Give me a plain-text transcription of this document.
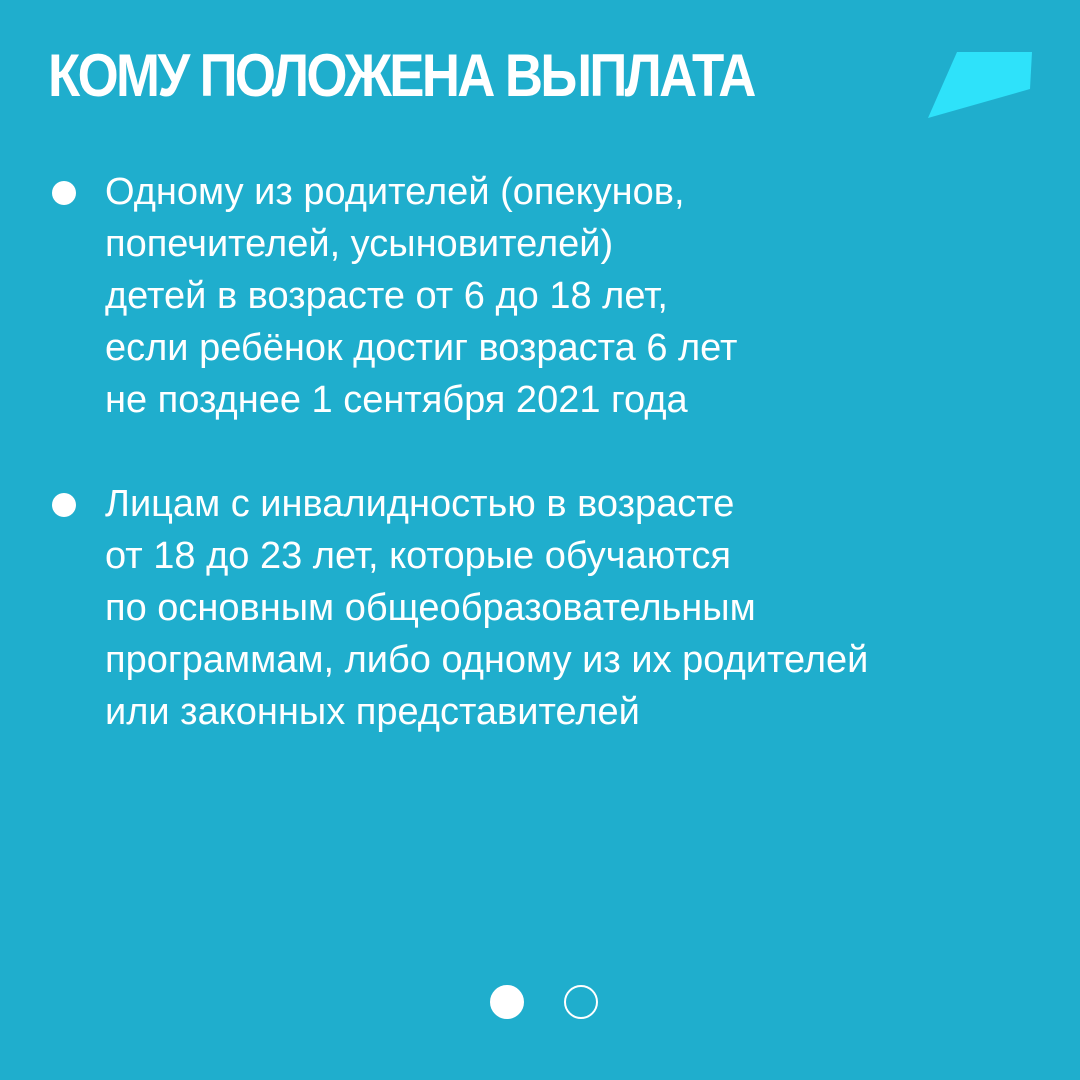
КОМУ ПОЛОЖЕНА ВЫПЛАТА
Одному из родителей (опекунов,
попечителей, усыновителей)
детей в возрасте от 6 до 18 лет,
если ребёнок достиг возраста 6 лет
не позднее 1 сентября 2021 года
Лицам с инвалидностью в возрасте
от 18 до 23 лет, которые обучаются
по основным общеобразовательным
программам, либо одному из их родителей
или законных представителей
